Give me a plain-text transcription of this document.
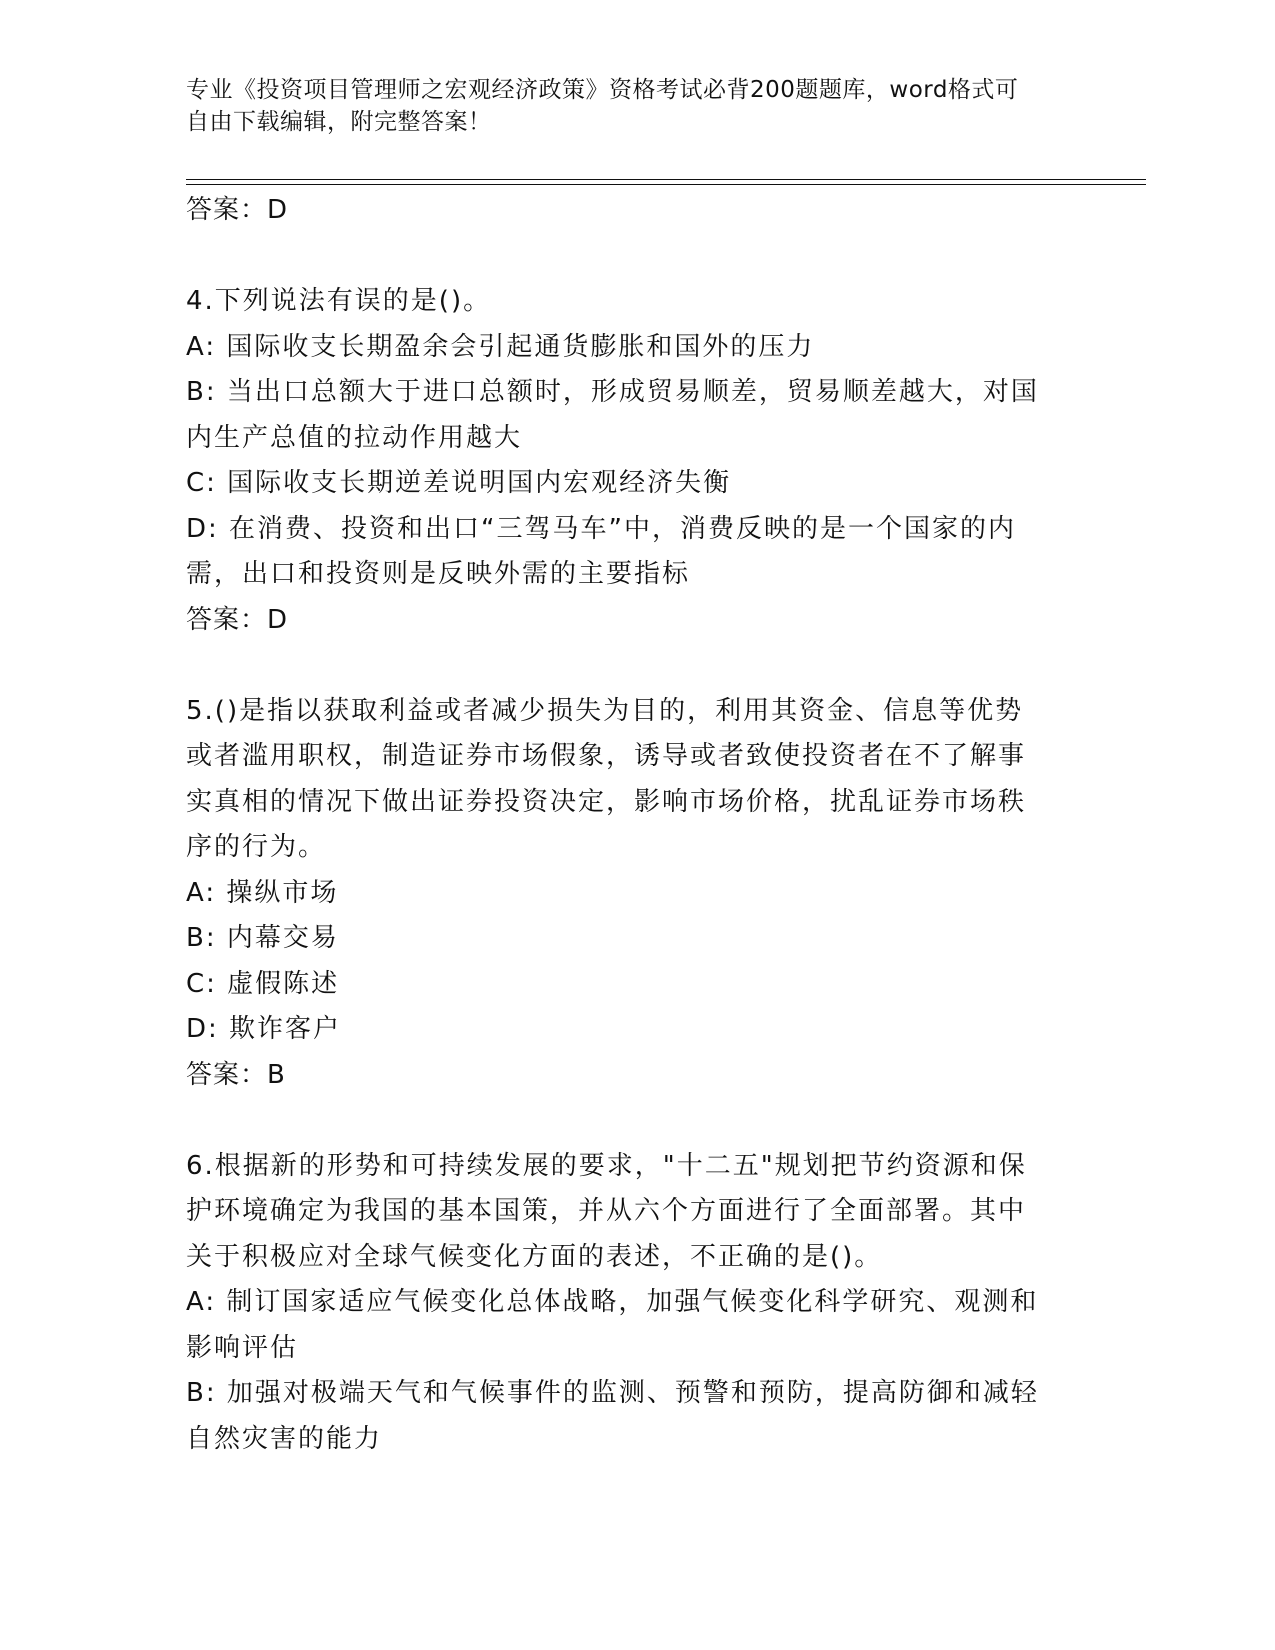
专业《投资项目管理师之宏观经济政策》资格考试必背200题题库，word格式可
自由下载编辑，附完整答案！
答案：D
4.下列说法有误的是()。
A: 国际收支长期盈余会引起通货膨胀和国外的压力
B: 当出口总额大于进口总额时，形成贸易顺差，贸易顺差越大，对国
内生产总值的拉动作用越大
C: 国际收支长期逆差说明国内宏观经济失衡
D: 在消费、投资和出口“三驾马车”中，消费反映的是一个国家的内
需，出口和投资则是反映外需的主要指标
答案：D
5.()是指以获取利益或者减少损失为目的，利用其资金、信息等优势
或者滥用职权，制造证券市场假象，诱导或者致使投资者在不了解事
实真相的情况下做出证券投资决定，影响市场价格，扰乱证券市场秩
序的行为。
A: 操纵市场
B: 内幕交易
C: 虚假陈述
D: 欺诈客户
答案：B
6.根据新的形势和可持续发展的要求，"十二五"规划把节约资源和保
护环境确定为我国的基本国策，并从六个方面进行了全面部署。其中
关于积极应对全球气候变化方面的表述，不正确的是()。
A: 制订国家适应气候变化总体战略，加强气候变化科学研究、观测和
影响评估
B: 加强对极端天气和气候事件的监测、预警和预防，提高防御和减轻
自然灾害的能力
